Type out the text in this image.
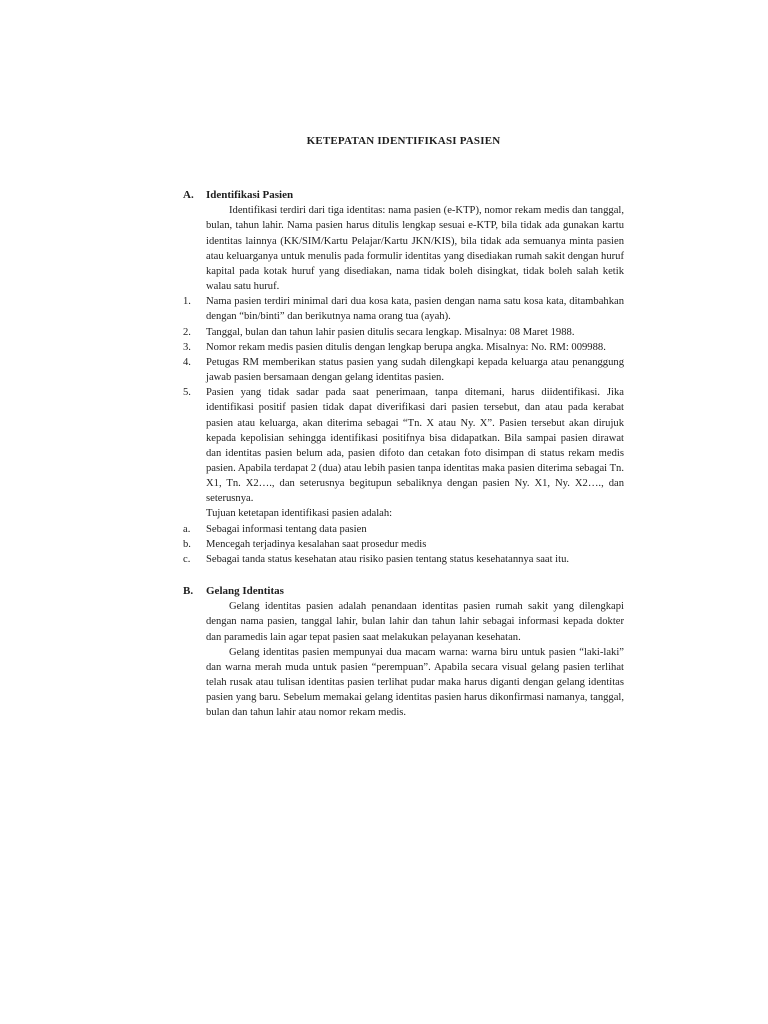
KETEPATAN IDENTIFIKASI PASIEN

A.	Identifikasi Pasien

Identifikasi terdiri dari tiga identitas: nama pasien (e-KTP), nomor rekam medis dan tanggal, bulan, tahun lahir. Nama pasien harus ditulis lengkap sesuai e-KTP, bila tidak ada gunakan kartu identitas lainnya (KK/SIM/Kartu Pelajar/Kartu JKN/KIS), bila tidak ada semuanya minta pasien atau keluarganya untuk menulis pada formulir identitas yang disediakan rumah sakit dengan huruf kapital pada kotak huruf yang disediakan, nama tidak boleh disingkat, tidak boleh salah ketik walau satu huruf.

1.	Nama pasien terdiri minimal dari dua kosa kata, pasien dengan nama satu kosa kata, ditambahkan dengan “bin/binti” dan berikutnya nama orang tua (ayah).
2.	Tanggal, bulan dan tahun lahir pasien ditulis secara lengkap. Misalnya: 08 Maret 1988.
3.	Nomor rekam medis pasien ditulis dengan lengkap berupa angka. Misalnya: No. RM: 009988.
4.	Petugas RM memberikan status pasien yang sudah dilengkapi kepada keluarga atau penanggung jawab pasien bersamaan dengan gelang identitas pasien.
5.	Pasien yang tidak sadar pada saat penerimaan, tanpa ditemani, harus diidentifikasi. Jika identifikasi positif pasien tidak dapat diverifikasi dari pasien tersebut, dan atau pada kerabat pasien atau keluarga, akan diterima sebagai “Tn. X atau Ny. X”. Pasien tersebut akan dirujuk kepada kepolisian sehingga identifikasi positifnya bisa didapatkan. Bila sampai pasien dirawat dan identitas pasien belum ada, pasien difoto dan cetakan foto disimpan di status rekam medis pasien. Apabila terdapat 2 (dua) atau lebih pasien tanpa identitas maka pasien diterima sebagai Tn. X1, Tn. X2…., dan seterusnya begitupun sebaliknya dengan pasien Ny. X1, Ny. X2…., dan seterusnya.

Tujuan ketetapan identifikasi pasien adalah:

a.	Sebagai informasi tentang data pasien
b.	Mencegah terjadinya kesalahan saat prosedur medis
c.	Sebagai tanda status kesehatan atau risiko pasien tentang status kesehatannya saat itu.
B.	Gelang Identitas

Gelang identitas pasien adalah penandaan identitas pasien rumah sakit yang dilengkapi dengan nama pasien, tanggal lahir, bulan lahir dan tahun lahir sebagai informasi kepada dokter dan paramedis lain agar tepat pasien saat melakukan pelayanan kesehatan.

Gelang identitas pasien mempunyai dua macam warna: warna biru untuk pasien “laki-laki” dan warna merah muda untuk pasien “perempuan”. Apabila secara visual gelang pasien terlihat telah rusak atau tulisan identitas pasien terlihat pudar maka harus diganti dengan gelang identitas pasien yang baru. Sebelum memakai gelang identitas pasien harus dikonfirmasi namanya, tanggal, bulan dan tahun lahir atau nomor rekam medis.
